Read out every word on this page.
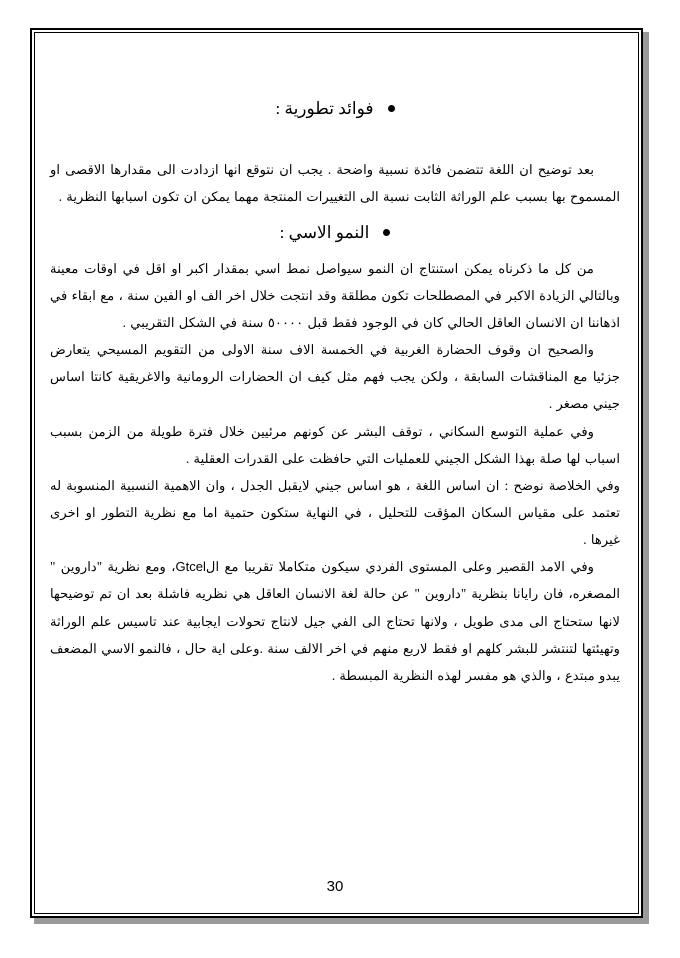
فوائد تطورية :

بعد توضيح ان اللغة تتضمن فائدة نسبية واضحة . يجب ان نتوقع انها ازدادت الى مقدارها الاقصى او المسموح بها بسبب علم الوراثة الثابت نسبة الى التغييرات المنتجة مهما يمكن ان تكون اسبابها النظرية .

النمو الاسي :

من كل ما ذكرناه يمكن استنتاج ان النمو سيواصل نمط اسي بمقدار اكبر او اقل في اوقات معينة وبالتالي الزيادة الاكبر في المصطلحات تكون مطلقة وقد انتجت خلال اخر الف او الفين سنة ، مع ابقاء في اذهاننا ان الانسان العاقل الحالي كان في الوجود فقط قبل ٥٠٠٠٠ سنة في الشكل التقريبي .

والصحيح ان وقوف الحضارة الغربية في الخمسة الاف سنة الاولى من التقويم المسيحي يتعارض جزئيا مع المناقشات السابقة ، ولكن يجب فهم مثل كيف ان الحضارات الرومانية والاغريقية كانتا اساس جيني مصغر .

وفي عملية التوسع السكاني ، توقف البشر عن كونهم مرئيين خلال فترة طويلة من الزمن بسبب اسباب لها صلة بهذا الشكل الجيني للعمليات التي حافظت على القدرات العقلية .

وفي الخلاصة نوضح : ان اساس اللغة ، هو اساس جيني لايقبل الجدل ، وان الاهمية النسبية المنسوبة له تعتمد على مقياس السكان المؤقت للتحليل ، في النهاية ستكون حتمية اما مع نظرية التطور او اخرى غيرها .

وفي الامد القصير وعلى المستوى الفردي سيكون متكاملا تقريبا مع الGtcel، ومع نظرية "داروين " المصغره، فان رايانا بنظرية "داروين " عن حالة لغة الانسان العاقل هي نظريه فاشلة بعد ان تم توضيحها لانها ستحتاج الى مدى طويل ، ولانها تحتاج الى الفي جيل لانتاج تحولات ايجابية عند تاسيس علم الوراثة وتهيئتها لتنتشر للبشر كلهم او فقط لاربع منهم في اخر الالف سنة .وعلى اية حال ، فالنمو الاسي المضعف يبدو مبتدع ، والذي هو مفسر لهذه النظرية المبسطة .

30
